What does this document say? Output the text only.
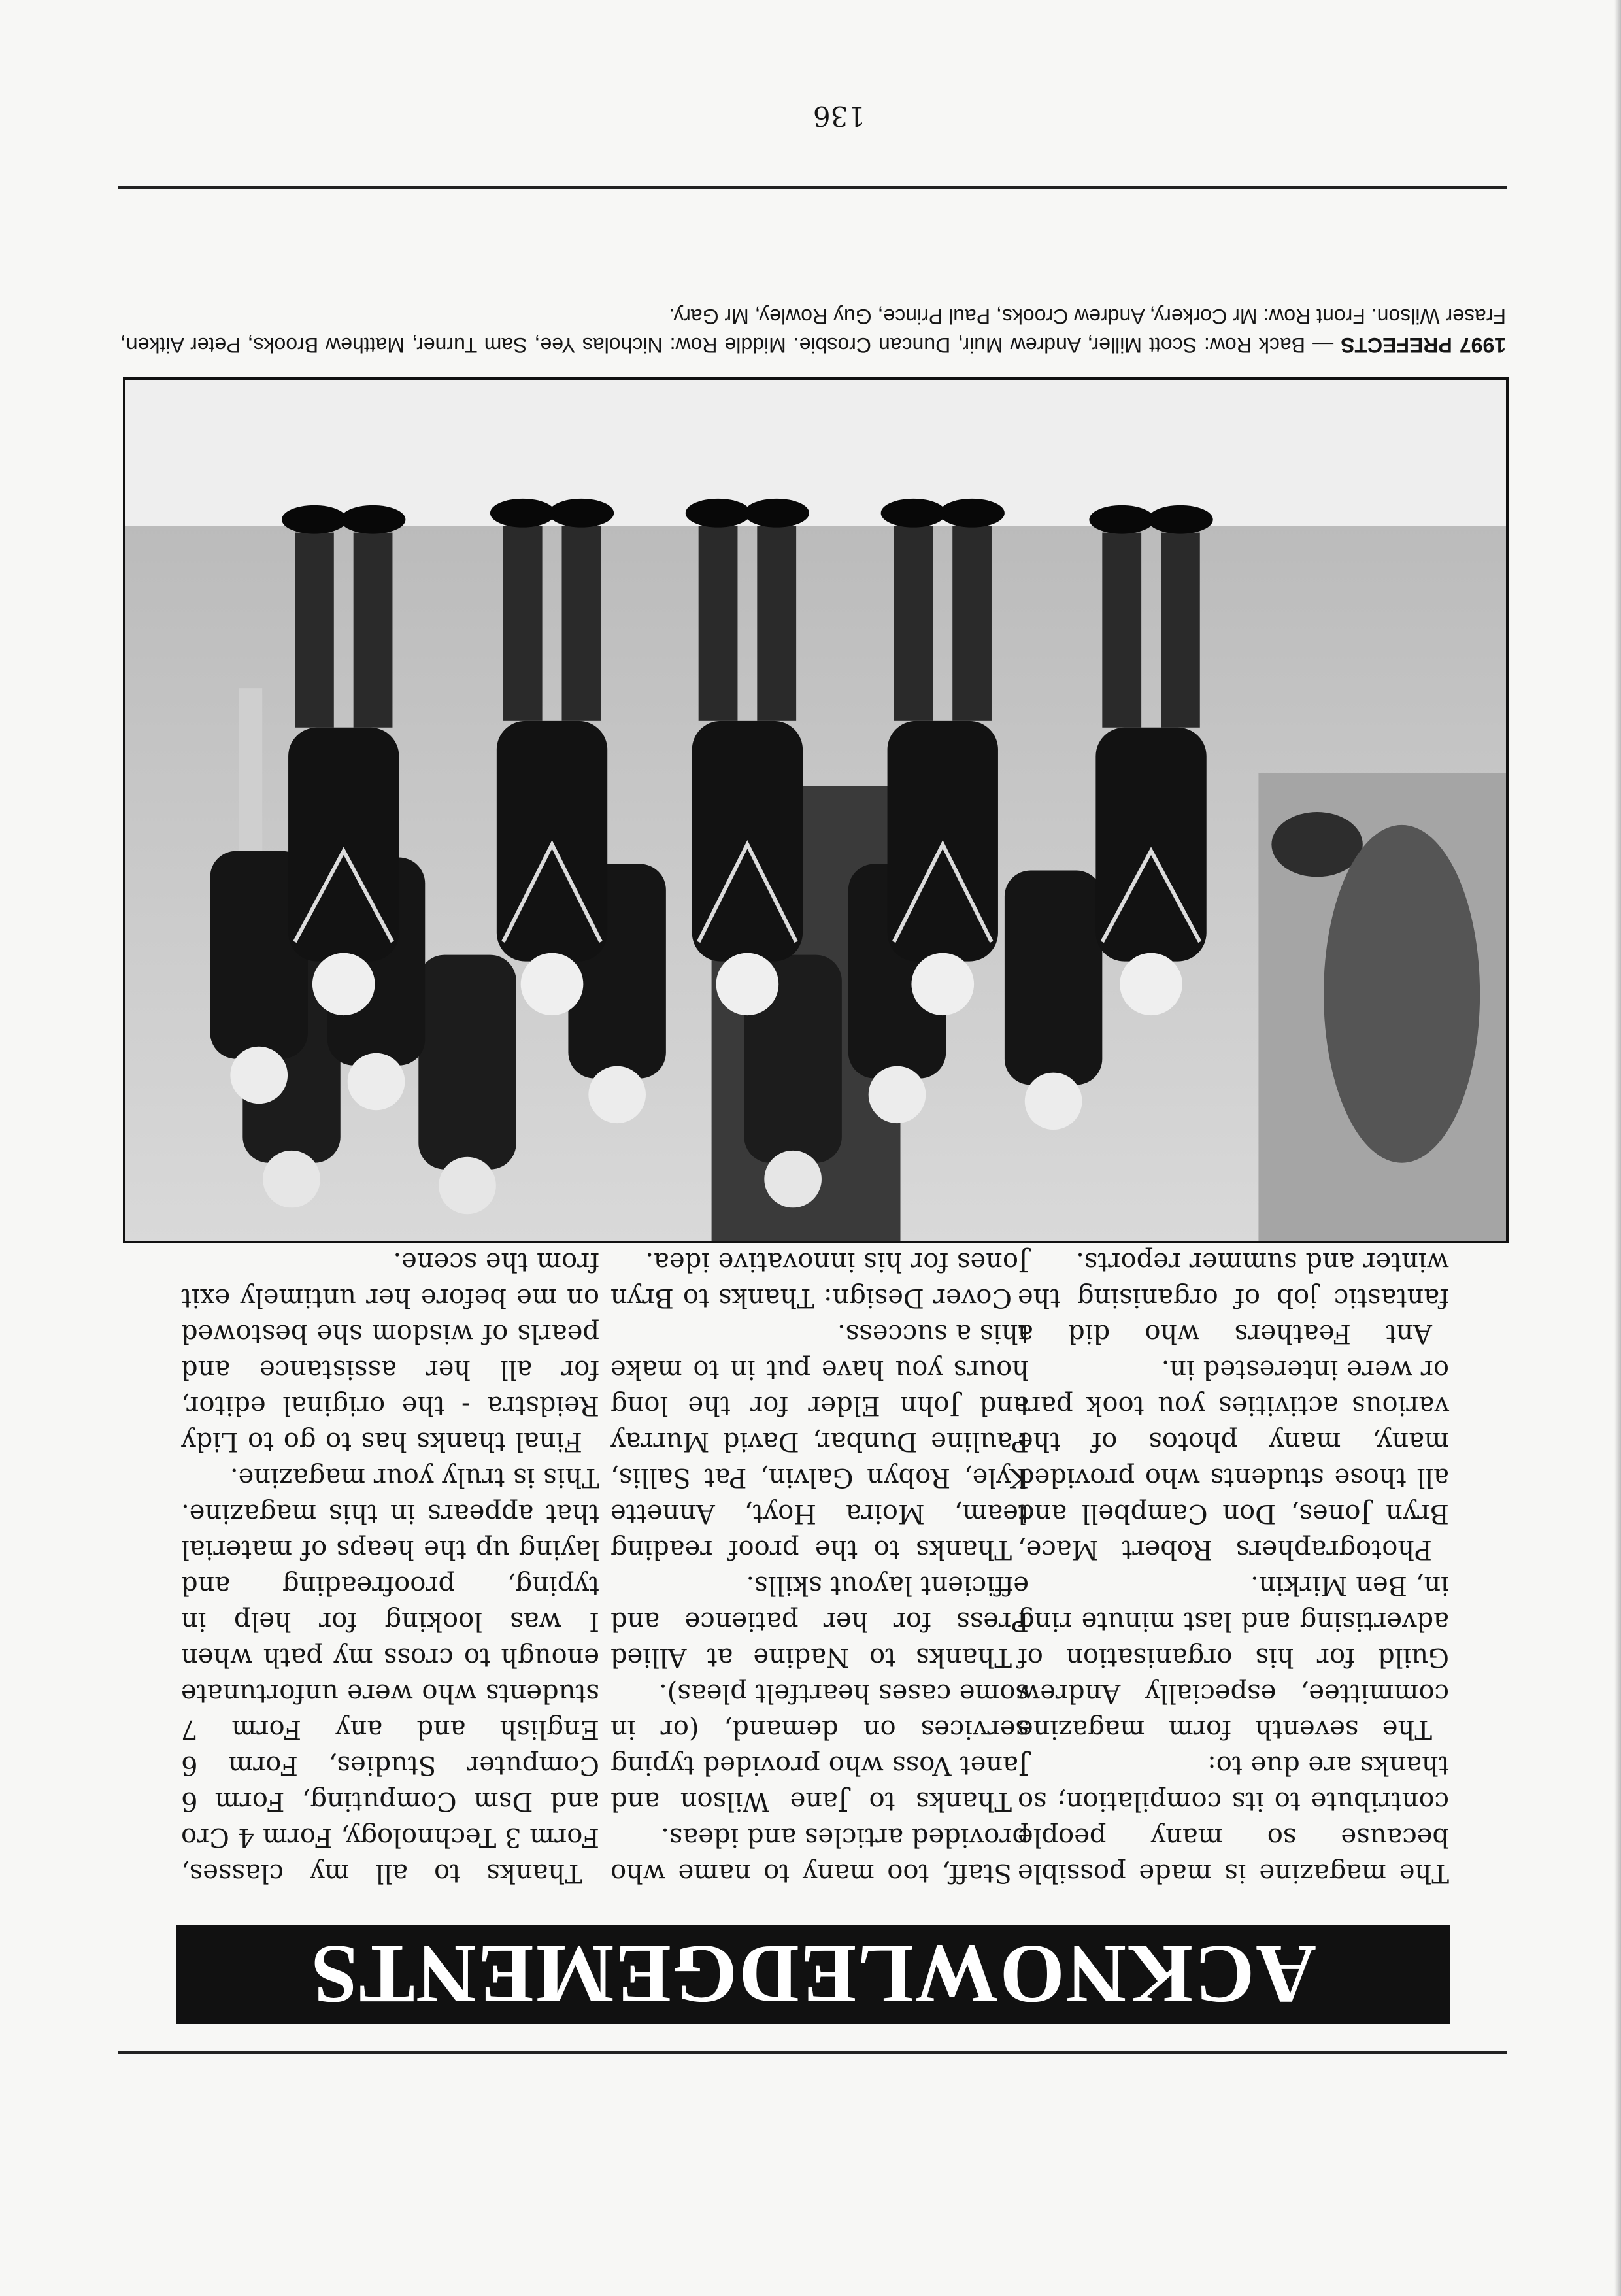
ACKNOWLEDGEMENTS

The magazine is made possible because so many people contribute to its compilation; so thanks are due to:

The seventh form magazine committee, especially Andrew Guild for his organisation of advertising and last minute ring in, Ben Mirkin.

Photographers Robert Mace, Bryn Jones, Don Campbell and all those students who provided many, many photos of the various activities you took part or were interested in.

Ant Feathers who did a fantastic job of organising the winter and summer reports.

Staff, too many to name who provided articles and ideas.

Thanks to Jane Wilson and Janet Voss who provided typing services on demand, (or in some cases heartfelt pleas).

Thanks to Nadine at Allied Press for her patience and efficient layout skills.

Thanks to the proof reading team, Moira Hoyt, Annette Kyle, Robyn Galvin, Pat Sallis, Pauline Dunbar, David Murray and John Elder for the long hours you have put in to make this a success.

Cover Design: Thanks to Bryn Jones for his innovative idea.

Thanks to all my classes, Form 3 Technology, Form 4 Cro and Dsm Computing, Form 6 Computer Studies, Form 6 English and any Form 7 students who were unfortunate enough to cross my path when I was looking for help in typing, proofreading and laying up the heaps of material that appears in this magazine. This is truly your magazine.

Final thanks has to go to Lidy Reidstra - the original editor, for all her assistance and pearls of wisdom she bestowed on me before her untimely exit from the scene.

1997 PREFECTS — Back Row: Scott Miller, Andrew Muir, Duncan Crosbie. Middle Row: Nicholas Yee, Sam Turner, Matthew Brooks, Peter Aitken, Fraser Wilson. Front Row: Mr Corkery, Andrew Crooks, Paul Prince, Guy Rowley, Mr Gary.
136
